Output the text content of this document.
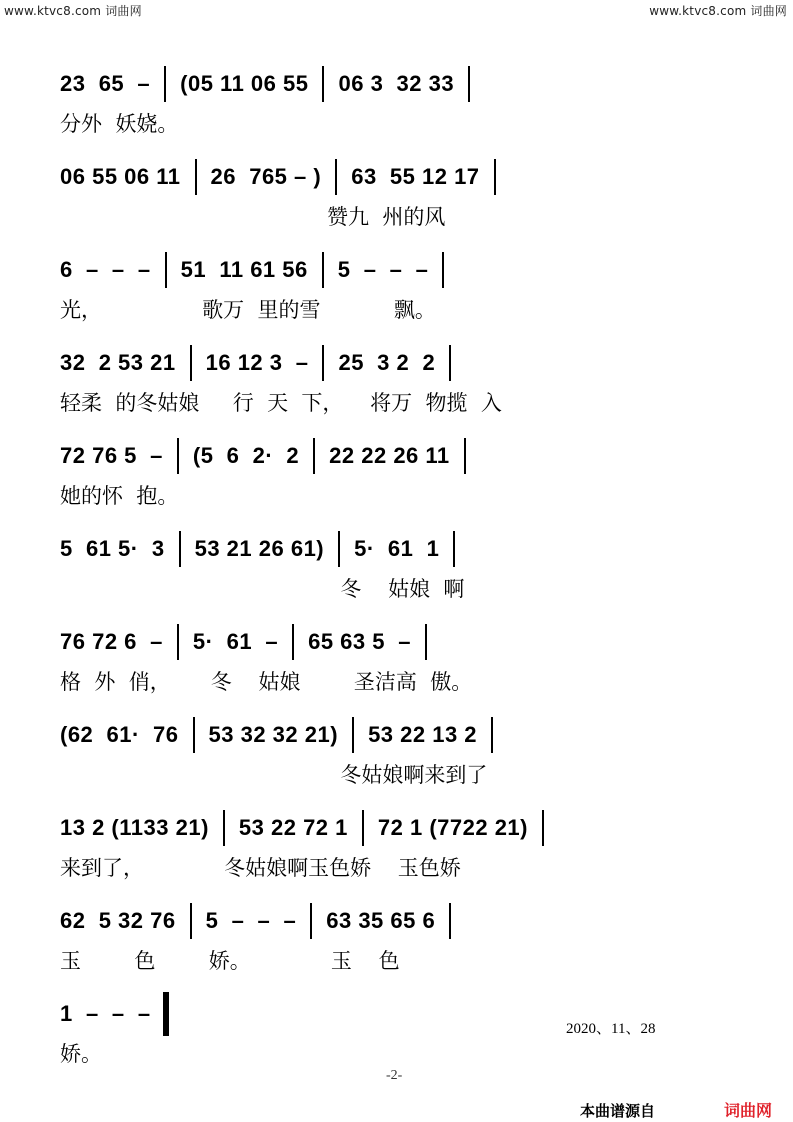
www.ktvc8.com 词曲网	www.ktvc8.com 词曲网
23  65  – (05 11 06 55 06 3  32 33
分外  妖娆。
06 55 06 11 26  765 – ) 63  55 12 17
赞九  州的风
6  –  –  – 51  11 61 56 5  –  –  –
光，               歌万  里的雪           飘。
32  2 53 21 16 12 3  – 25  3 2  2
轻柔  的冬姑娘     行  天  下，    将万  物揽  入
72 76 5  – (5  6  2·  2 22 22 26 11
她的怀  抱。
5  61 5·  3 53 21 26 61) 5·  61  1
冬    姑娘  啊
76 72 6  – 5·  61  – 65 63 5  –
格  外  俏，      冬    姑娘        圣洁高  傲。
(62  61·  76 53 32 32 21) 53 22 13 2
冬姑娘啊来到了
13 2 (1133 21) 53 22 72 1 72 1 (7722 21)
来到了，            冬姑娘啊玉色娇    玉色娇
62  5 32 76 5  –  –  – 63 35 65 6
玉        色        娇。            玉    色
1  –  –  –
娇。
2020、11、28
-2-
本曲谱源自	词曲网
